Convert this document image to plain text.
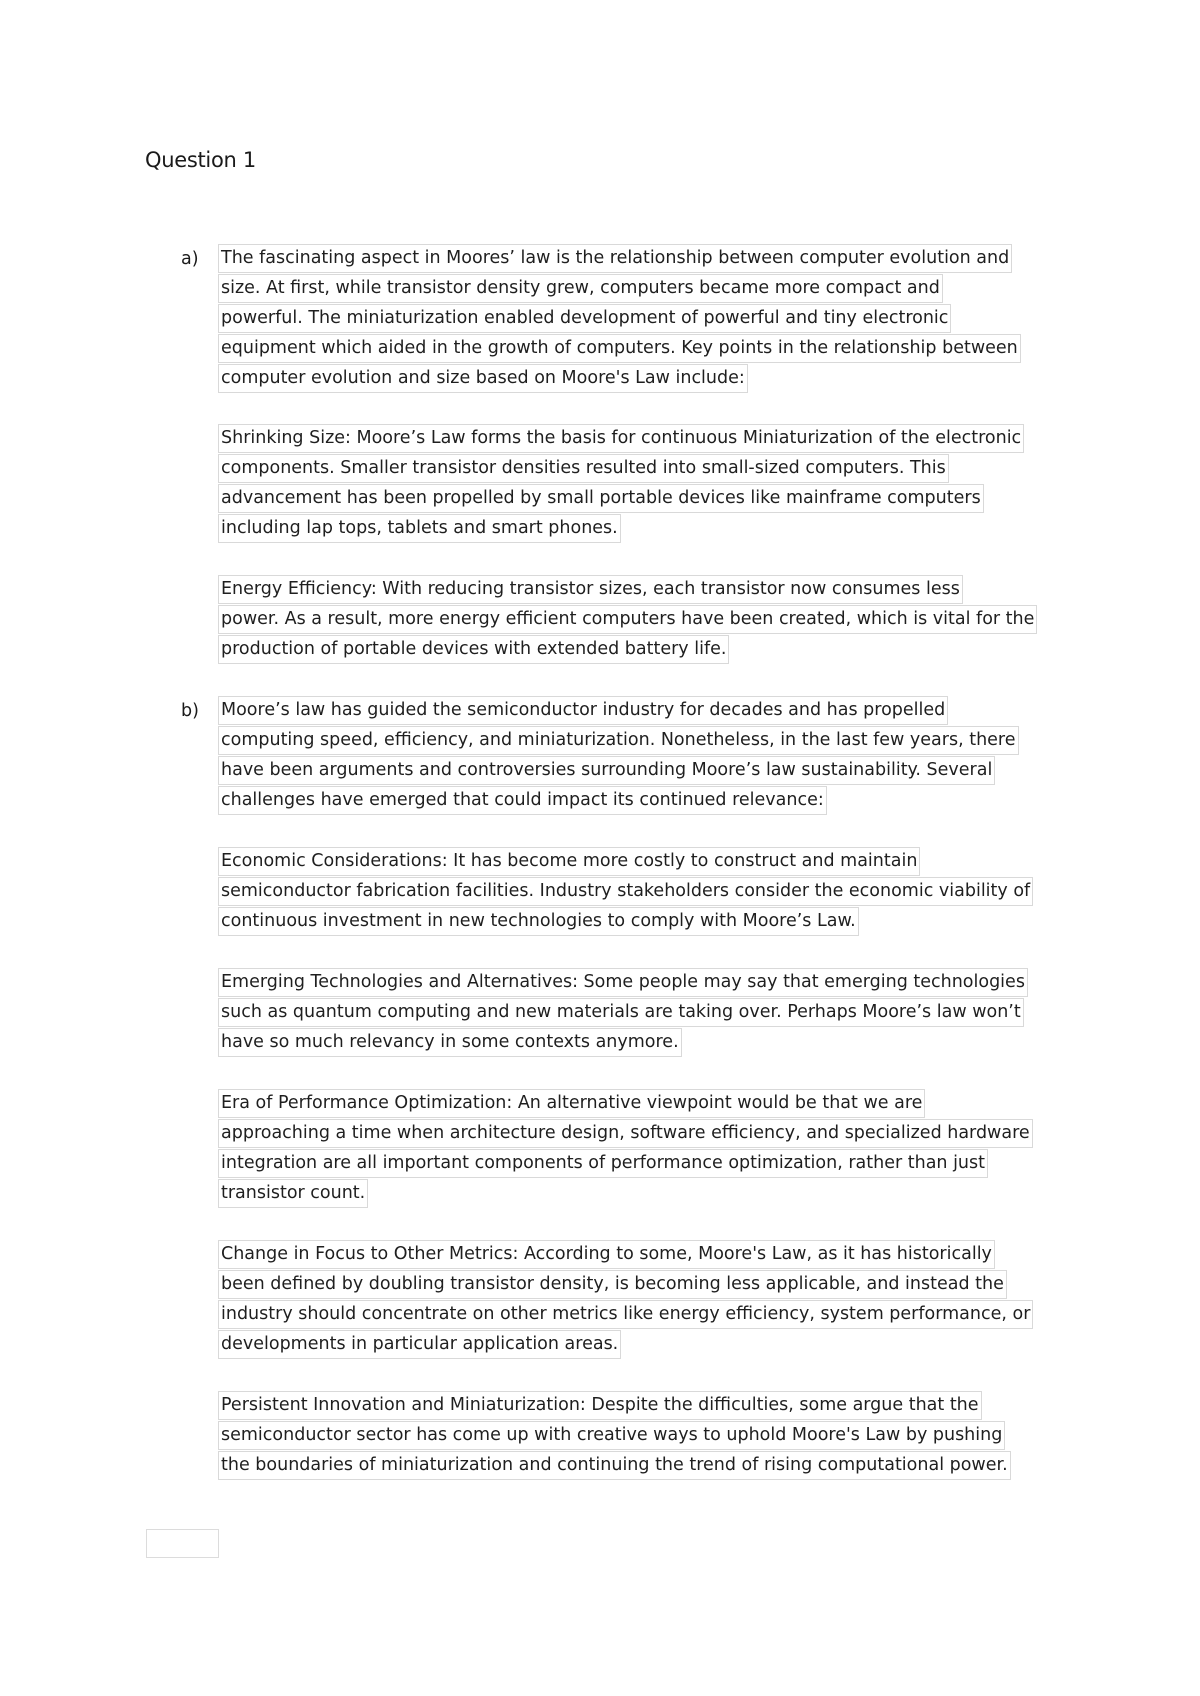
Question 1
a) The fascinating aspect in Moores’ law is the relationship between computer evolution and
size. At first, while transistor density grew, computers became more compact and
powerful. The miniaturization enabled development of powerful and tiny electronic
equipment which aided in the growth of computers. Key points in the relationship between
computer evolution and size based on Moore's Law include:
Shrinking Size: Moore’s Law forms the basis for continuous Miniaturization of the electronic
components. Smaller transistor densities resulted into small-sized computers. This
advancement has been propelled by small portable devices like mainframe computers
including lap tops, tablets and smart phones.
Energy Efficiency: With reducing transistor sizes, each transistor now consumes less
power. As a result, more energy efficient computers have been created, which is vital for the
production of portable devices with extended battery life.
b) Moore’s law has guided the semiconductor industry for decades and has propelled
computing speed, efficiency, and miniaturization. Nonetheless, in the last few years, there
have been arguments and controversies surrounding Moore’s law sustainability. Several
challenges have emerged that could impact its continued relevance:
Economic Considerations: It has become more costly to construct and maintain
semiconductor fabrication facilities. Industry stakeholders consider the economic viability of
continuous investment in new technologies to comply with Moore’s Law.
Emerging Technologies and Alternatives: Some people may say that emerging technologies
such as quantum computing and new materials are taking over. Perhaps Moore’s law won’t
have so much relevancy in some contexts anymore.
Era of Performance Optimization: An alternative viewpoint would be that we are
approaching a time when architecture design, software efficiency, and specialized hardware
integration are all important components of performance optimization, rather than just
transistor count.
Change in Focus to Other Metrics: According to some, Moore's Law, as it has historically
been defined by doubling transistor density, is becoming less applicable, and instead the
industry should concentrate on other metrics like energy efficiency, system performance, or
developments in particular application areas.
Persistent Innovation and Miniaturization: Despite the difficulties, some argue that the
semiconductor sector has come up with creative ways to uphold Moore's Law by pushing
the boundaries of miniaturization and continuing the trend of rising computational power.
